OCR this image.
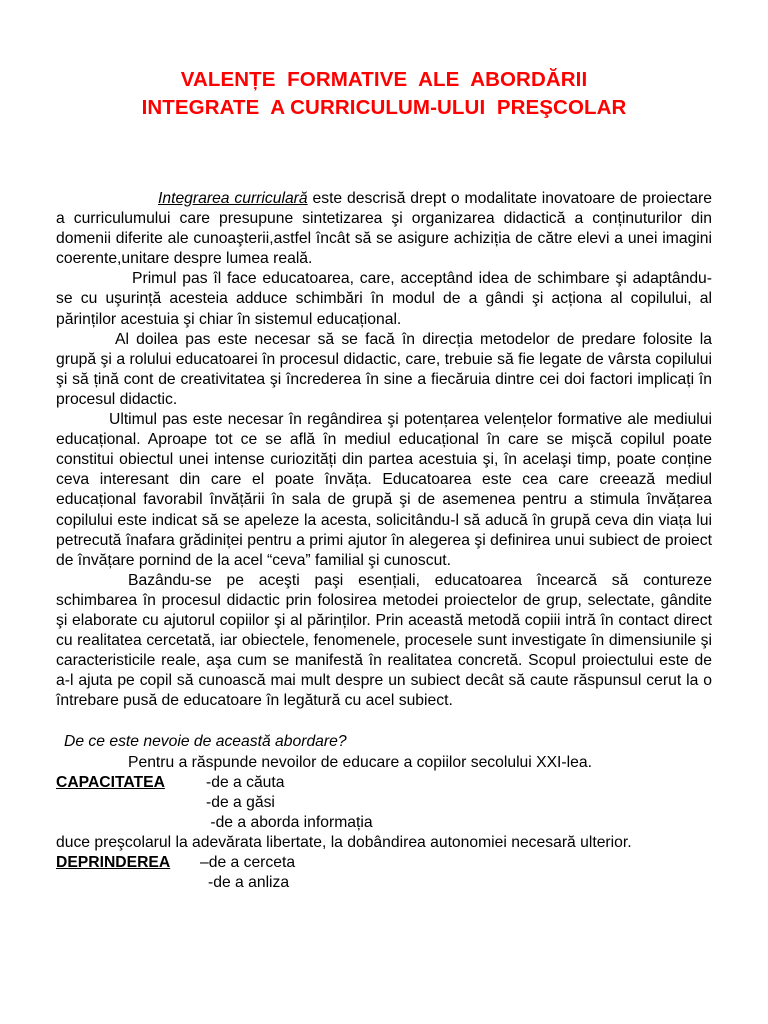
VALENȚE  FORMATIVE  ALE  ABORDĂRII
INTEGRATE  A CURRICULUM-ULUI  PREŞCOLAR

Integrarea curriculară este descrisă drept o modalitate inovatoare de proiectare a curriculumului care presupune sintetizarea şi organizarea didactică a conținuturilor din domenii diferite ale cunoaşterii,astfel încât să se asigure achiziția de către elevi a unei imagini coerente,unitare despre lumea reală.

Primul pas îl face educatoarea, care, acceptând idea de schimbare şi adaptându-se cu uşurință acesteia adduce schimbări în modul de a gândi şi acționa al copilului, al părinților acestuia şi chiar în sistemul educațional.

Al doilea pas este necesar să se facă în direcția metodelor de predare folosite la grupă şi a rolului educatoarei în procesul didactic, care, trebuie să fie legate de vârsta copilului şi să țină cont de creativitatea şi încrederea în sine a fiecăruia dintre cei doi factori implicați în procesul didactic.

Ultimul pas este necesar în regândirea şi potențarea velențelor formative ale mediului educațional. Aproape tot ce se află în mediul educațional în care se mişcă copilul poate constitui obiectul unei intense curiozități din partea acestuia şi, în acelaşi timp, poate conține ceva interesant din care el poate învăța. Educatoarea este cea care creează mediul educațional favorabil învățării în sala de grupă şi de asemenea pentru a stimula învățarea copilului este indicat să se apeleze la acesta, solicitându-l să aducă în grupă ceva din viața lui petrecută înafara grădiniței pentru a primi ajutor în alegerea şi definirea unui subiect de proiect de învățare pornind de la acel “ceva” familial şi cunoscut.

Bazându-se pe aceşti paşi esențiali, educatoarea încearcă să contureze schimbarea în procesul didactic prin folosirea metodei proiectelor de grup, selectate, gândite şi elaborate cu ajutorul copiilor şi al părinților. Prin această metodă copiii intră în contact direct cu realitatea cercetată, iar obiectele, fenomenele, procesele sunt investigate în dimensiunile şi caracteristicile reale, aşa cum se manifestă în realitatea concretă. Scopul proiectului este de a-l ajuta pe copil să cunoască mai mult despre un subiect decât să caute răspunsul cerut la o întrebare pusă de educatoare în legătură cu acel subiect.

De ce este nevoie de această abordare?

Pentru a răspunde nevoilor de educare a copiilor secolului XXI-lea.

CAPACITATEA	-de a căuta

-de a găsi

-de a aborda informația

duce preşcolarul la adevărata libertate, la dobândirea autonomiei necesară ulterior.

DEPRINDEREA –de a cerceta

-de a anliza
